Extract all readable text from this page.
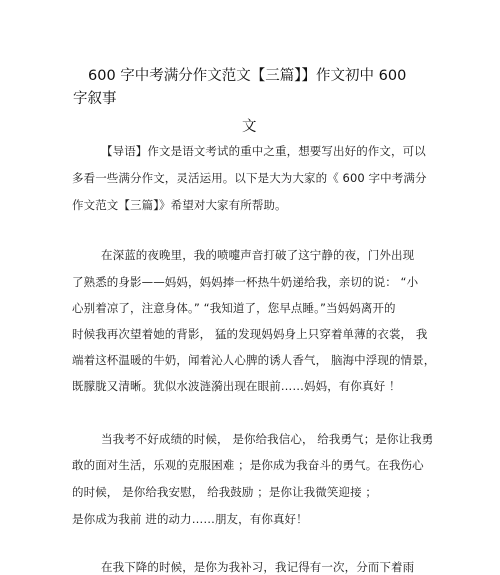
600 字中考满分作文范文【三篇】】作文初中 600
字叙事
文
【导语】作文是语文考试的重中之重，想要写出好的作文，可以
多看一些满分作文，灵活运用。以下是大为大家的《 600 字中考满分
作文范文【三篇】》希望对大家有所帮助。
在深蓝的夜晚里，我的喷嚏声音打破了这宁静的夜，门外出现
了熟悉的身影——妈妈，妈妈捧一杯热牛奶递给我，亲切的说： “小
心别着凉了，注意身体。” “我知道了，您早点睡。”当妈妈离开的
时候我再次望着她的背影， 猛的发现妈妈身上只穿着单薄的衣裳， 我
端着这杯温暖的牛奶，闻着沁人心脾的诱人香气， 脑海中浮现的情景，
既朦胧又清晰。犹似水波涟漪出现在眼前……妈妈，有你真好 ！
当我考不好成绩的时候， 是你给我信心， 给我勇气；是你让我勇
敢的面对生活，乐观的克服困难 ；是你成为我奋斗的勇气。在我伤心
的时候， 是你给我安慰， 给我鼓励 ；是你让我微笑迎接 ；
是你成为我前 进的动力……朋友，有你真好！
在我下降的时候，是你为我补习，我记得有一次，分而下着雨
